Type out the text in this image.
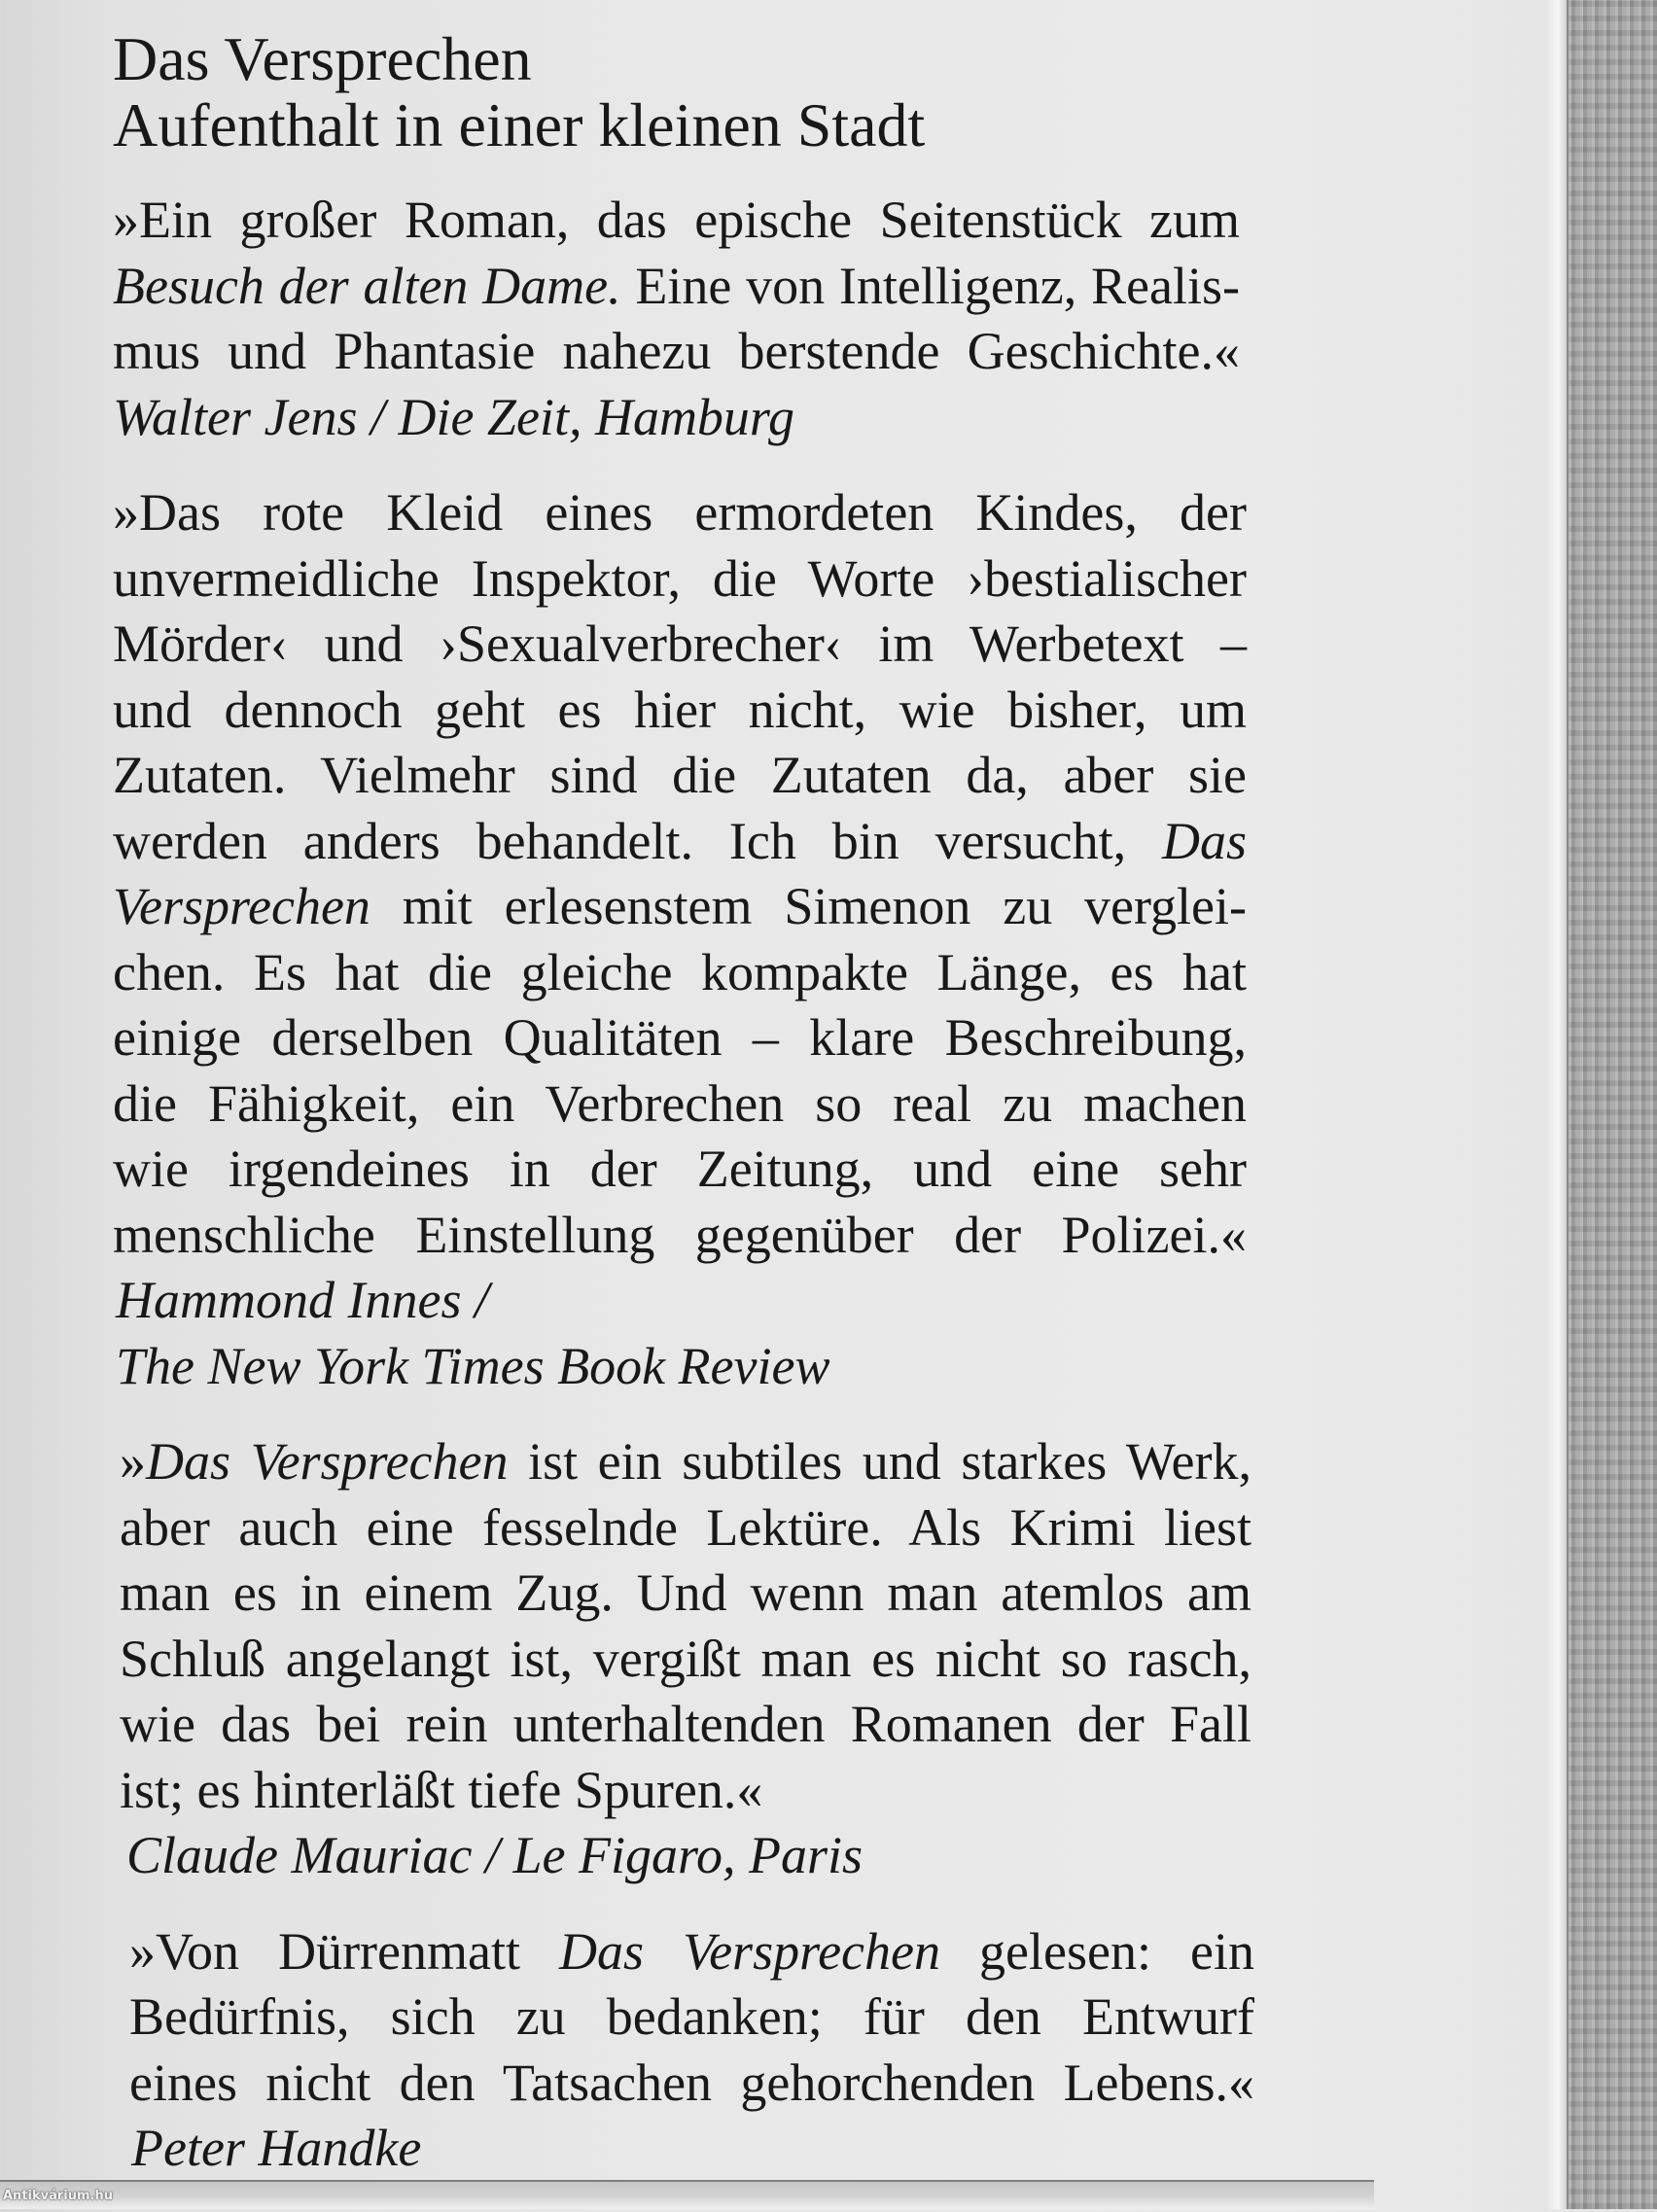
Das Versprechen
Aufenthalt in einer kleinen Stadt
»Ein großer Roman, das epische Seitenstück zum
Besuch der alten Dame. Eine von Intelligenz, Realis-
mus und Phantasie nahezu berstende Geschichte.«
Walter Jens / Die Zeit, Hamburg
»Das rote Kleid eines ermordeten Kindes, der
unvermeidliche Inspektor, die Worte ›bestialischer
Mörder‹ und ›Sexualverbrecher‹ im Werbetext –
und dennoch geht es hier nicht, wie bisher, um
Zutaten. Vielmehr sind die Zutaten da, aber sie
werden anders behandelt. Ich bin versucht, Das
Versprechen mit erlesenstem Simenon zu verglei-
chen. Es hat die gleiche kompakte Länge, es hat
einige derselben Qualitäten – klare Beschreibung,
die Fähigkeit, ein Verbrechen so real zu machen
wie irgendeines in der Zeitung, und eine sehr
menschliche Einstellung gegenüber der Polizei.«
Hammond Innes /
The New York Times Book Review
»Das Versprechen ist ein subtiles und starkes Werk,
aber auch eine fesselnde Lektüre. Als Krimi liest
man es in einem Zug. Und wenn man atemlos am
Schluß angelangt ist, vergißt man es nicht so rasch,
wie das bei rein unterhaltenden Romanen der Fall
ist; es hinterläßt tiefe Spuren.«
Claude Mauriac / Le Figaro, Paris
»Von Dürrenmatt Das Versprechen gelesen: ein
Bedürfnis, sich zu bedanken; für den Entwurf
eines nicht den Tatsachen gehorchenden Lebens.«
Peter Handke
Antikvárium.hu
